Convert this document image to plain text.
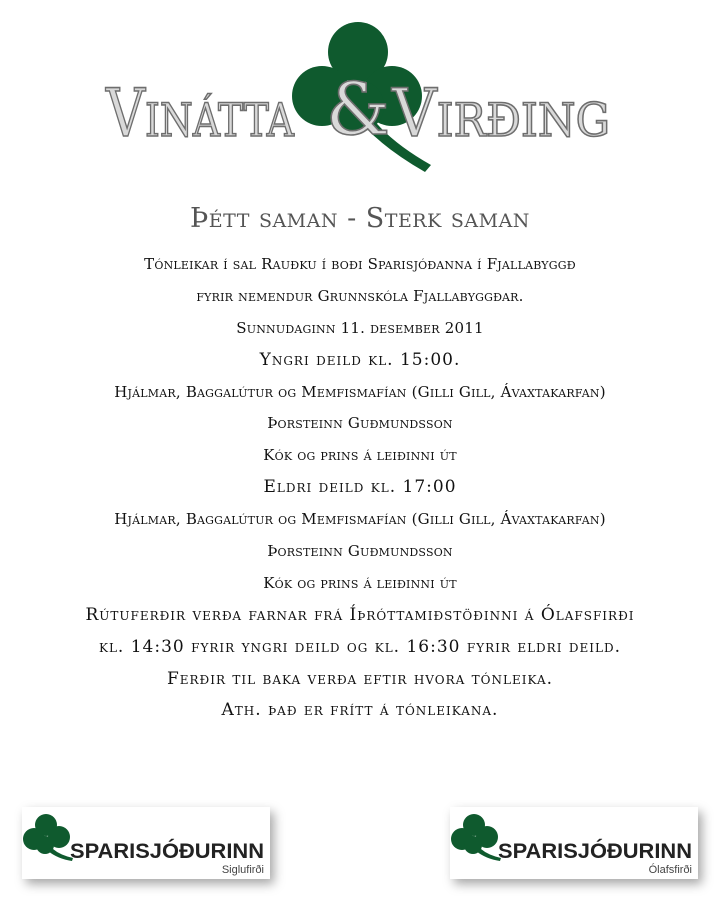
Vinátta & Virðing
Þétt saman - Sterk saman
Tónleikar í sal Rauðku í boði Sparisjóðanna í Fjallabyggð
fyrir nemendur Grunnskóla Fjallabyggðar.
Sunnudaginn 11. desember 2011
Yngri deild kl. 15:00.
Hjálmar, Baggalútur og Memfismafían (Gilli Gill, Ávaxtakarfan)
Þorsteinn Guðmundsson
Kók og prins á leiðinni út
Eldri deild kl. 17:00
Hjálmar, Baggalútur og Memfismafían (Gilli Gill, Ávaxtakarfan)
Þorsteinn Guðmundsson
Kók og prins á leiðinni út
Rútuferðir verða farnar frá Íþróttamiðstöðinni á Ólafsfirði
kl. 14:30 fyrir yngri deild og kl. 16:30 fyrir eldri deild.
Ferðir til baka verða eftir hvora tónleika.
Ath. það er frítt á tónleikana.
SPARISJÓÐURINN
Siglufirði
SPARISJÓÐURINN
Ólafsfirði
